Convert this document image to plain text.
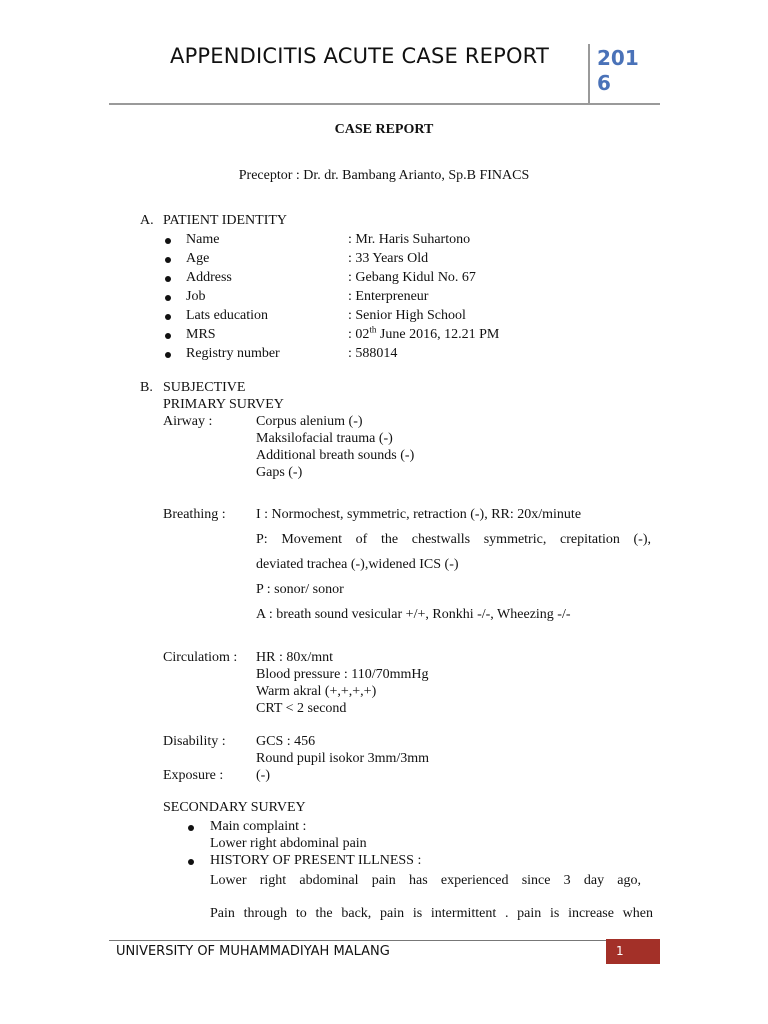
APPENDICITIS ACUTE CASE REPORT 201
6
CASE REPORT
Preceptor : Dr. dr. Bambang Arianto, Sp.B FINACS
A. PATIENT IDENTITY
Name	: Mr. Haris Suhartono
Age	: 33 Years Old
Address	: Gebang Kidul No. 67
Job	: Enterpreneur
Lats education	: Senior High School
MRS	: 02th June 2016, 12.21 PM
Registry number	: 588014
B. SUBJECTIVE
PRIMARY SURVEY
Airway :	Corpus alenium (-)
Maksilofacial trauma (-)
Additional breath sounds (-)
Gaps (-)
Breathing : I : Normochest, symmetric, retraction (-), RR: 20x/minute
P: Movement of the chestwalls symmetric, crepitation (-),
deviated trachea (-),widened ICS (-)
P : sonor/ sonor
A : breath sound vesicular +/+, Ronkhi -/-, Wheezing -/-
Circulatiom : HR : 80x/mnt
Blood pressure : 110/70mmHg
Warm akral (+,+,+,+)
CRT < 2 second
Disability : GCS : 456
Round pupil isokor 3mm/3mm
Exposure : (-)
SECONDARY SURVEY
Main complaint :
Lower right abdominal pain
HISTORY OF PRESENT ILLNESS :
Lower right abdominal pain has experienced since 3 day ago,
Pain through to the back, pain is intermittent . pain is increase when
UNIVERSITY OF MUHAMMADIYAH MALANG	1
